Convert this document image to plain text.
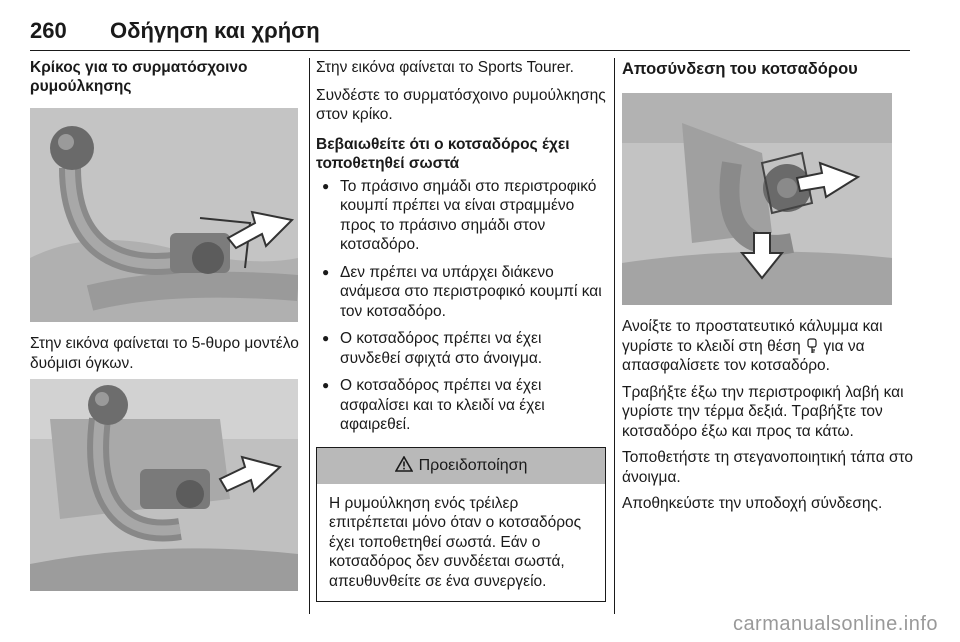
260	Οδήγηση και χρήση
Κρίκος για το συρματόσχοινο ρυμούλκησης

Στην εικόνα φαίνεται το 5-θυρο μοντέλο δυόμισι όγκων.

Στην εικόνα φαίνεται το Sports Tourer.

Συνδέστε το συρματόσχοινο ρυμούλκησης στον κρίκο.

Βεβαιωθείτε ότι ο κοτσαδόρος έχει τοποθετηθεί σωστά
● Το πράσινο σημάδι στο περιστροφικό κουμπί πρέπει να είναι στραμμένο προς το πράσινο σημάδι στον κοτσαδόρο.
● Δεν πρέπει να υπάρχει διάκενο ανάμεσα στο περιστροφικό κουμπί και τον κοτσαδόρο.
● Ο κοτσαδόρος πρέπει να έχει συνδεθεί σφιχτά στο άνοιγμα.
● Ο κοτσαδόρος πρέπει να έχει ασφαλίσει και το κλειδί να έχει αφαιρεθεί.
Προειδοποίηση

Η ρυμούλκηση ενός τρέιλερ επιτρέπεται μόνο όταν ο κοτσαδόρος έχει τοποθετηθεί σωστά. Εάν ο κοτσαδόρος δεν συνδέεται σωστά, απευθυνθείτε σε ένα συνεργείο.

Αποσύνδεση του κοτσαδόρου

Ανοίξτε το προστατευτικό κάλυμμα και γυρίστε το κλειδί στη θέση για να απασφαλίσετε τον κοτσαδόρο.

Τραβήξτε έξω την περιστροφική λαβή και γυρίστε την τέρμα δεξιά. Τραβήξτε τον κοτσαδόρο έξω και προς τα κάτω.

Τοποθετήστε τη στεγανοποιητική τάπα στο άνοιγμα.

Αποθηκεύστε την υποδοχή σύνδεσης.

carmanualsonline.info
